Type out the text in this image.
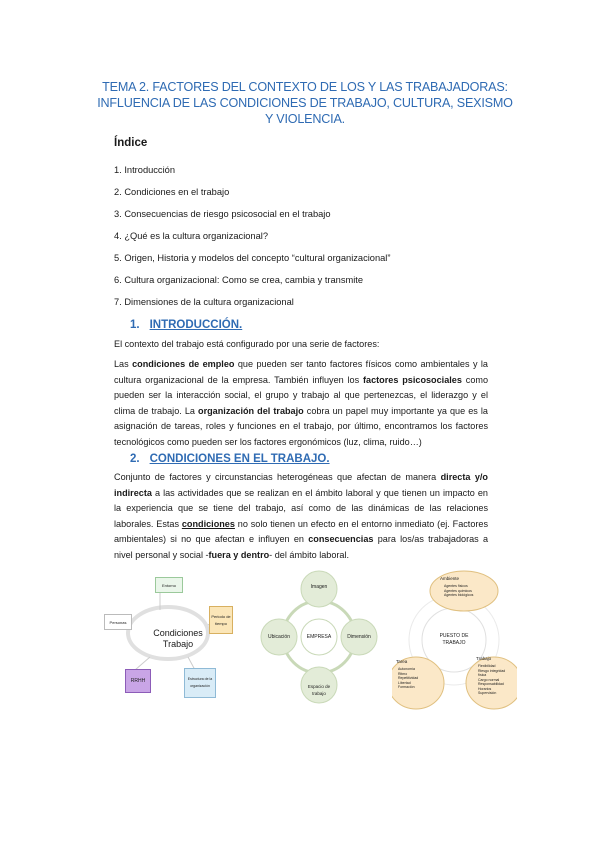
TEMA 2. FACTORES DEL CONTEXTO DE LOS Y LAS TRABAJADORAS: INFLUENCIA DE LAS CONDICIONES DE TRABAJO, CULTURA, SEXISMO Y VIOLENCIA.
Índice
1. Introducción
2. Condiciones en el trabajo
3. Consecuencias de riesgo psicosocial en el trabajo
4. ¿Qué es la cultura organizacional?
5. Origen, Historia y modelos del concepto “cultural organizacional”
6. Cultura organizacional: Como se crea, cambia y transmite
7. Dimensiones de la cultura organizacional
1. INTRODUCCIÓN.
El contexto del trabajo está configurado por una serie de factores:
Las condiciones de empleo que pueden ser tanto factores físicos como ambientales y la cultura organizacional de la empresa. También influyen los factores psicosociales como pueden ser la interacción social, el grupo y trabajo al que pertenezcas, el liderazgo y el clima de trabajo. La organización del trabajo cobra un papel muy importante ya que es la asignación de tareas, roles y funciones en el trabajo, por último, encontramos los factores tecnológicos como pueden ser los factores ergonómicos (luz, clima, ruido…)
2. CONDICIONES EN EL TRABAJO.
Conjunto de factores y circunstancias heterogéneas que afectan de manera directa y/o indirecta a las actividades que se realizan en el ámbito laboral y que tienen un impacto en la experiencia que se tiene del trabajo, así como de las dinámicas de las relaciones laborales. Estas condiciones no solo tienen un efecto en el entorno inmediato (ej. Factores ambientales) si no que afectan e influyen en consecuencias para los/as trabajadoras a nivel personal y social -fuera y dentro- del ámbito laboral.
Condiciones Trabajo
Entorno
Periodo de tiempo
Personas
RRHH	Estructura de la organización	Espacio de trabajo
Imagen
Ubicación	Dimensión
EMPRESA	PUESTO DE TRABAJO
Ambiente
Agentes físicos
Agentes químicos
Agentes biológicos
Tarea
Autonomía
Ritmo
Repetitividad
Libertad
Formación
Trabajo
Flexibilidad
Riesgo integridad física
Cargo normal
Responsabilidad
Horarios
Supervisión
